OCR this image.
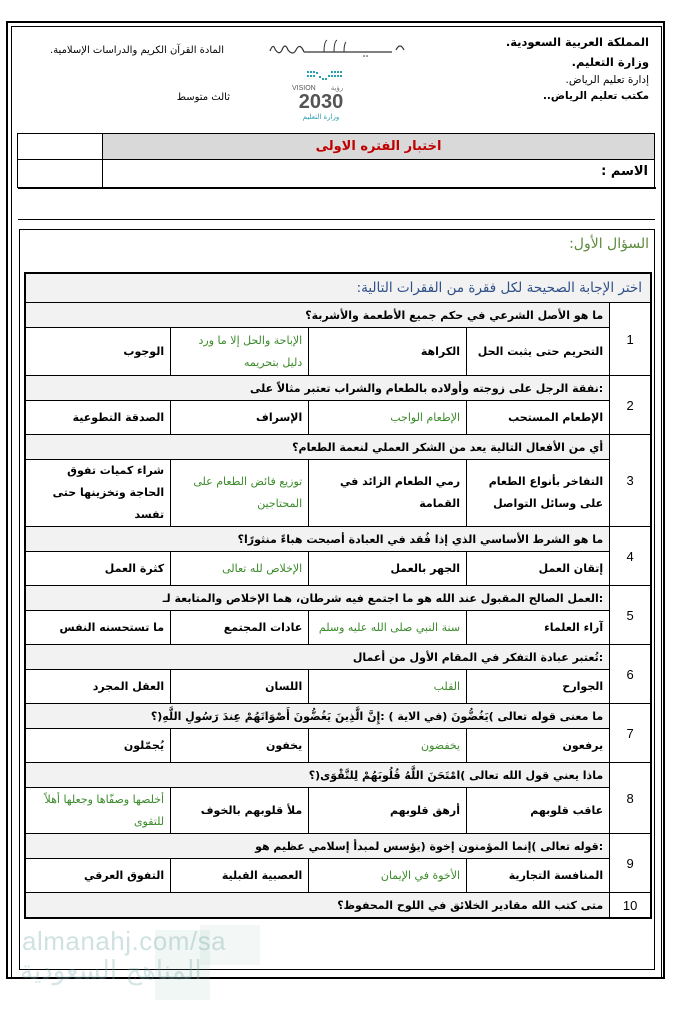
المملكة العربية السعودية.
وزارة التعليم.
إدارة تعليم الرياض.
مكتب تعليم الرياض..
المادة القرآن الكريم والدراسات الإسلامية.
ثالث متوسط
VISION رؤية
2030
وزارة التعليم
اختبار الفتره الاولى
الاسم :
السؤال الأول:
اختر الإجابة الصحيحة لكل فقرة من الفقرات التالية:				
1	ما هو الأصل الشرعي في حكم جميع الأطعمة والأشربة؟			
	التحريم حتى يثبت الحل	الكراهة	الإباحة والحل إلا ما ورد دليل بتحريمه	الوجوب
2	:نفقة الرجل على زوجته وأولاده بالطعام والشراب تعتبر مثالاً على			
	الإطعام المستحب	الإطعام الواجب	الإسراف	الصدقة التطوعية
3	أي من الأفعال التالية يعد من الشكر العملي لنعمة الطعام؟			
	التفاخر بأنواع الطعام على وسائل التواصل	رمي الطعام الزائد في القمامة	توزيع فائض الطعام على المحتاجين	شراء كميات تفوق الحاجة وتخزينها حتى تفسد
4	ما هو الشرط الأساسي الذي إذا فُقد في العبادة أصبحت هباءً منثورًا؟			
	إتقان العمل	الجهر بالعمل	الإخلاص لله تعالى	كثرة العمل
5	:العمل الصالح المقبول عند الله هو ما اجتمع فيه شرطان، هما الإخلاص والمتابعة لـ			
	آراء العلماء	سنة النبي صلى الله عليه وسلم	عادات المجتمع	ما تستحسنه النفس
6	:تُعتبر عبادة التفكر في المقام الأول من أعمال			
	الجوارح	القلب	اللسان	العقل المجرد
7	ما معنى قوله تعالى )يَغُضُّونَ (في الاية ) :إِنَّ الَّذِينَ يَغُضُّونَ أَصْوَاتَهُمْ عِندَ رَسُولِ اللَّهِ(؟			
	يرفعون	يخفضون	يخفون	يُجمّلون
8	ماذا يعني قول الله تعالى )امْتَحَنَ اللَّهُ قُلُوبَهُمْ لِلتَّقْوَى(؟			
	عاقب قلوبهم	أرهق قلوبهم	ملأ قلوبهم بالخوف	أخلصها وصفّاها وجعلها أهلاً للتقوى
9	:قوله تعالى )إنما المؤمنون إخوة (يؤسس لمبدأ إسلامي عظيم هو			
	المنافسة التجارية	الأخوة في الإيمان	العصبية القبلية	التفوق العرقي
10	متى كتب الله مقادير الخلائق في اللوح المحفوظ؟			
almanahj.com/sa
المناهج السعودية
